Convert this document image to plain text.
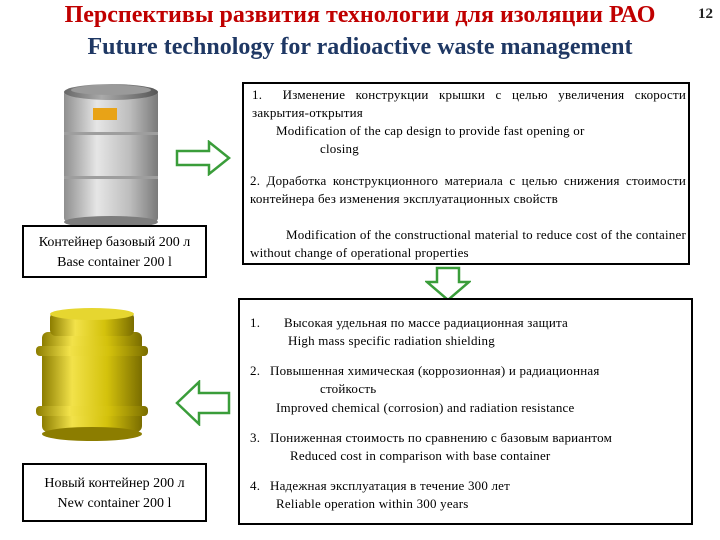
Перспективы развития технологии для изоляции РАО
Future technology for radioactive waste management
12
Контейнер базовый 200 л
Base container 200 l
1. Изменение конструкции крышки с целью увеличения скорости закрытия-открытия
Modification of the cap design to provide fast opening or
closing
2. Доработка конструкционного материала с целью снижения стоимости контейнера без изменения эксплуатационных свойств
Modification of the constructional material to reduce cost of the container without change of operational properties
Новый контейнер 200 л
New container 200 l
1. Высокая удельная по массе радиационная защита
High mass specific radiation shielding
2. Повышенная химическая (коррозионная) и радиационная
стойкость
Improved chemical (corrosion) and radiation resistance
3. Пониженная стоимость по сравнению с базовым вариантом
Reduced cost in comparison with base container
4. Надежная эксплуатация в течение 300 лет
Reliable operation within 300 years
